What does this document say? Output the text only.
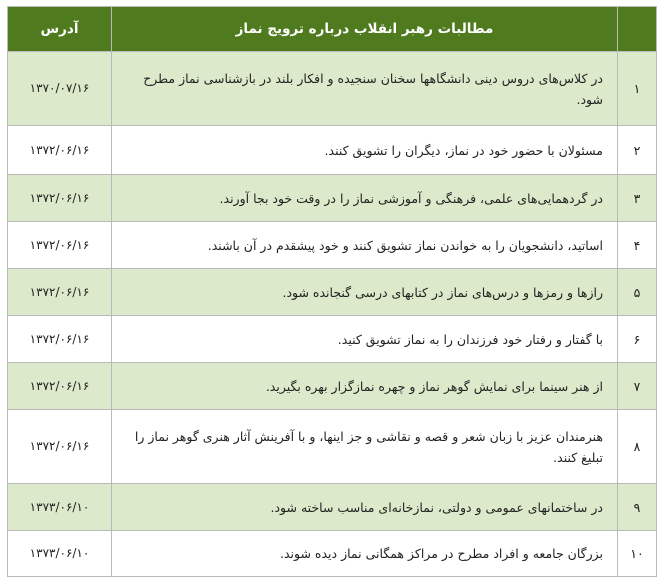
	مطالبات رهبر انقلاب درباره ترویج نماز	آدرس
۱	در کلاس‌های دروس دینی دانشگاهها سخنان سنجیده و افکار بلند در بازشناسی نماز مطرح شود.	۱۳۷۰/۰۷/۱۶
۲	مسئولان با حضور خود در نماز، دیگران را تشویق کنند.	۱۳۷۲/۰۶/۱۶
۳	در گردهمایی‌های علمی، فرهنگی و آموزشی نماز را در وقت خود بجا آورند.	۱۳۷۲/۰۶/۱۶
۴	اساتید، دانشجویان را به خواندن نماز تشویق کنند و خود پیشقدم در آن باشند.	۱۳۷۲/۰۶/۱۶
۵	رازها و رمزها و درس‌های نماز در کتابهای درسی گنجانده شود.	۱۳۷۲/۰۶/۱۶
۶	با گفتار و رفتار خود فرزندان را به نماز تشویق کنید.	۱۳۷۲/۰۶/۱۶
۷	از هنر سینما برای نمایش گوهر نماز و چهره نمازگزار بهره بگیرید.	۱۳۷۲/۰۶/۱۶
۸	هنرمندان عزیز با زبان شعر و قصه و نقاشی و جز اینها، و با آفرینش آثار هنری گوهر نماز را تبلیغ کنند.	۱۳۷۲/۰۶/۱۶
۹	در ساختمانهای عمومی و دولتی، نمازخانه‌ای مناسب ساخته شود.	۱۳۷۳/۰۶/۱۰
۱۰	بزرگان جامعه و افراد مطرح در مراکز همگانی نماز دیده شوند.	۱۳۷۳/۰۶/۱۰
